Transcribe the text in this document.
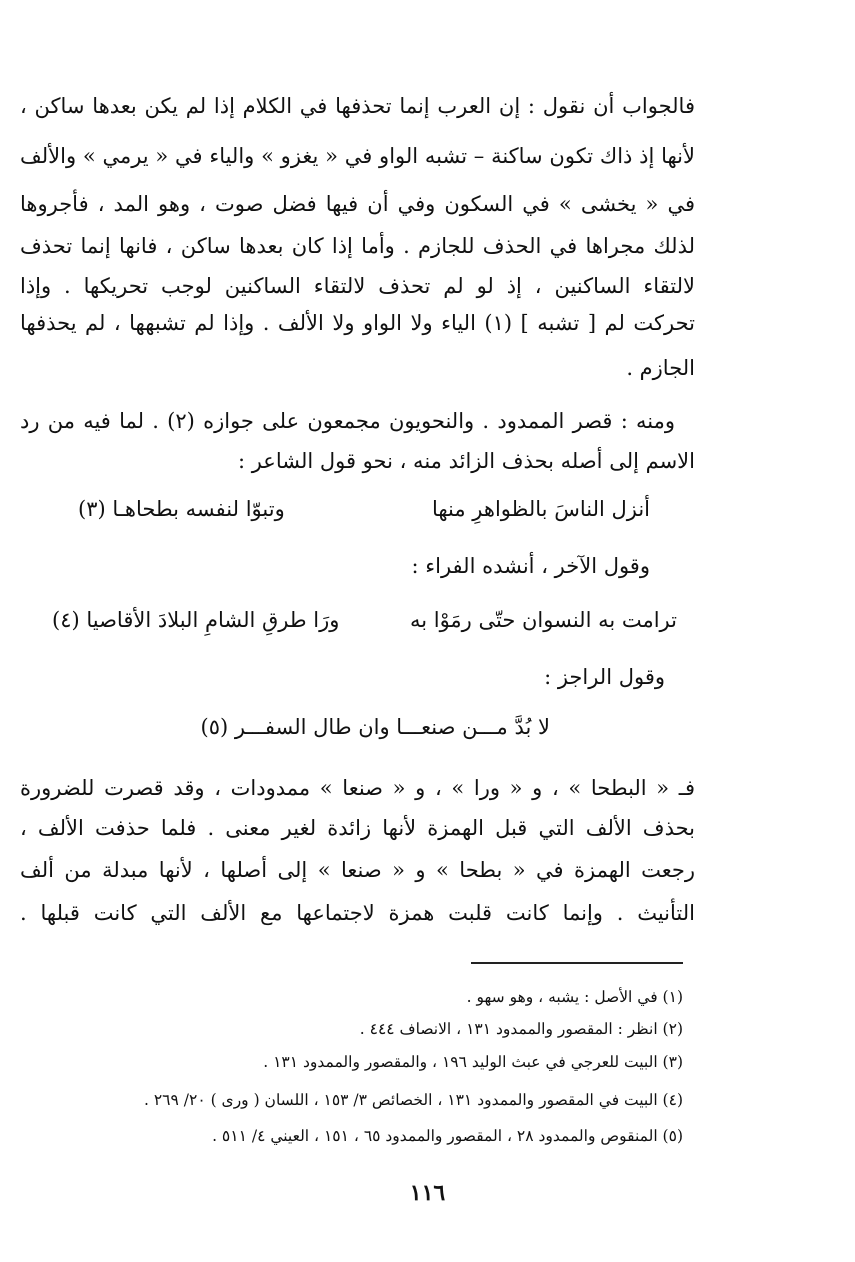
فالجواب أن نقول : إن العرب إنما تحذفها في الكلام إذا لم يكن بعدها ساكن ،
لأنها إذ ذاك تكون ساكنة – تشبه الواو في « يغزو » والياء في « يرمي » والألف
في « يخشى » في السكون وفي أن فيها فضل صوت ، وهو المد ، فأجروها
لذلك مجراها في الحذف للجازم . وأما إذا كان بعدها ساكن ، فانها إنما تحذف
لالتقاء الساكنين ، إذ لو لم تحذف لالتقاء الساكنين لوجب تحريكها . وإذا
تحركت لم [ تشبه ] (١) الياء ولا الواو ولا الألف . وإذا لم تشبهها ، لم يحذفها
الجازم .
ومنه : قصر الممدود . والنحويون مجمعون على جوازه (٢) . لما فيه من رد
الاسم إلى أصله بحذف الزائد منه ، نحو قول الشاعر :
وتبوّا لنفسه بطحاهـا (٣)	أنزل الناسَ بالظواهرِ منها
وقول الآخر ، أنشده الفراء :
ورَا طرقِ الشامِ البلادَ الأقاصيا (٤)	ترامت به النسوان حتّى رمَوْا به
وقول الراجز :
لا بُدَّ مـــن صنعـــا وان طال السفـــر (٥)
فـ « البطحا » ، و « ورا » ، و « صنعا » ممدودات ، وقد قصرت للضرورة
بحذف الألف التي قبل الهمزة لأنها زائدة لغير معنى . فلما حذفت الألف ،
رجعت الهمزة في « بطحا » و « صنعا » إلى أصلها ، لأنها مبدلة من ألف
التأنيث . وإنما كانت قلبت همزة لاجتماعها مع الألف التي كانت قبلها .
(١) في الأصل : يشبه ، وهو سهو .
(٢) انظر : المقصور والممدود ١٣١ ، الانصاف ٤٤٤ .
(٣) البيت للعرجي في عبث الوليد ١٩٦ ، والمقصور والممدود ١٣١ .
(٤) البيت في المقصور والممدود ١٣١ ، الخصائص ٣/ ١٥٣ ، اللسان ( ورى ) ٢٠/ ٢٦٩ .
(٥) المنقوص والممدود ٢٨ ، المقصور والممدود ٦٥ ، ١٥١ ، العيني ٤/ ٥١١ .
١١٦
